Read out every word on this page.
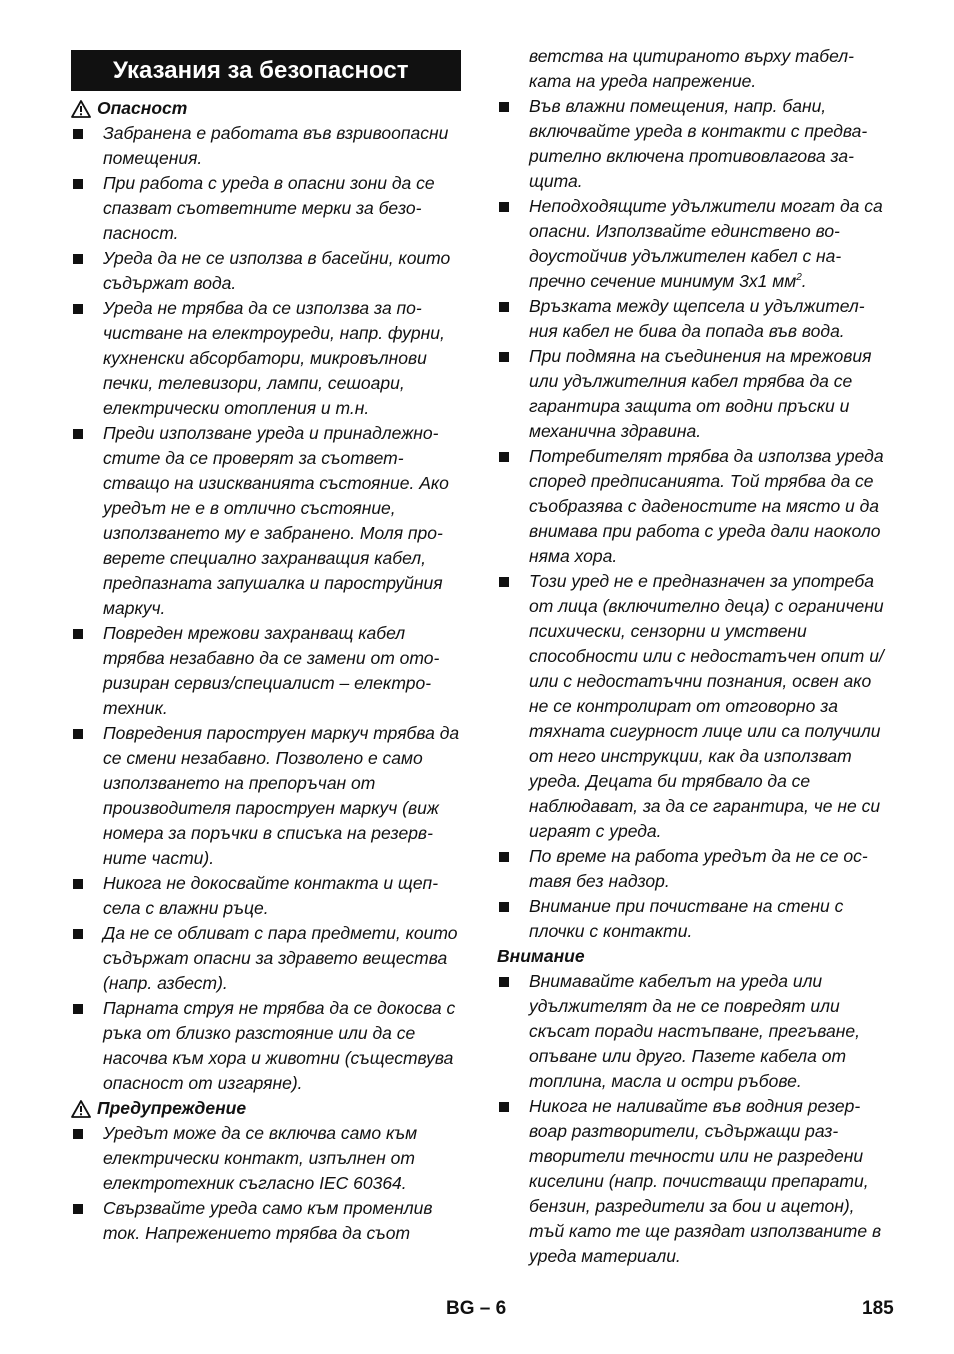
Указания за безопасност
Опасност
Забранена е работата във взривоопасни помещения.
При работа с уреда в опасни зони да се спазват съответните мерки за безопасност.
Уреда да не се използва в басейни, които съдържат вода.
Уреда не трябва да се използва за почистване на електроуреди, напр. фурни, кухненски абсорбатори, микровълнови печки, телевизори, лампи, сешоари, електрически отопления и т.н.
Преди използване уреда и принадлежностите да се проверят за съответстващо на изискванията състояние. Ако уредът не е в отлично състояние, използването му е забранено. Моля проверете специално захранващия кабел, предпазната запушалка и пароструйния маркуч.
Повреден мрежови захранващ кабел трябва незабавно да се замени от оторизиран сервиз/специалист – електротехник.
Повредения пароструен маркуч трябва да се смени незабавно. Позволено е само използването на препоръчан от производителя пароструен маркуч (виж номера за поръчки в списъка на резервните части).
Никога не докосвайте контакта и щепсела с влажни ръце.
Да не се обливат с пара предмети, които съдържат опасни за здравето вещества (напр. азбест).
Парната струя не трябва да се докосва с ръка от близко разстояние или да се насочва към хора и животни (съществува опасност от изгаряне).
Предупреждение
Уредът може да се включва само към електрически контакт, изпълнен от електротехник съгласно IEC 60364.
Свързвайте уреда само към променлив ток. Напрежението трябва да съот
ветства на цитираното върху табелката на уреда напрежение.
Във влажни помещения, напр. бани, включвайте уреда в контакти с предварително включена противовлагова защита.
Неподходящите удължители могат да са опасни. Използвайте единствено водоустойчив удължителен кабел с напречно сечение минимум 3x1 $мм^2$.
Връзката между щепсела и удължителния кабел не бива да попада във вода.
При подмяна на съединения на мрежовия или удължителния кабел трябва да се гарантира защита от водни пръски и механична здравина.
Потребителят трябва да използва уреда според предписанията. Той трябва да се съобразява с даденостите на място и да внимава при работа с уреда дали наоколо няма хора.
Този уред не е предназначен за употреба от лица (включително деца) с ограничени психически, сензорни и умствени способности или с недостатъчен опит и/или с недостатъчни познания, освен ако не се контролират от отговорно за тяхната сигурност лице или са получили от него инструкции, как да използват уреда. Децата би трябвало да се наблюдават, за да се гарантира, че не си играят с уреда.
По време на работа уредът да не се оставя без надзор.
Внимание при почистване на стени с плочки с контакти.
Внимание
Внимавайте кабелът на уреда или удължителят да не се повредят или скъсат поради настъпване, прегъване, опъване или друго. Пазете кабела от топлина, масла и остри ръбове.
Никога не наливайте във водния резервоар разтворители, съдържащи разтворители течности или не разредени киселини (напр. почистващи препарати, бензин, разредители за бои и ацетон), тъй като те ще разядат използваните в уреда материали.
BG – 6	185
